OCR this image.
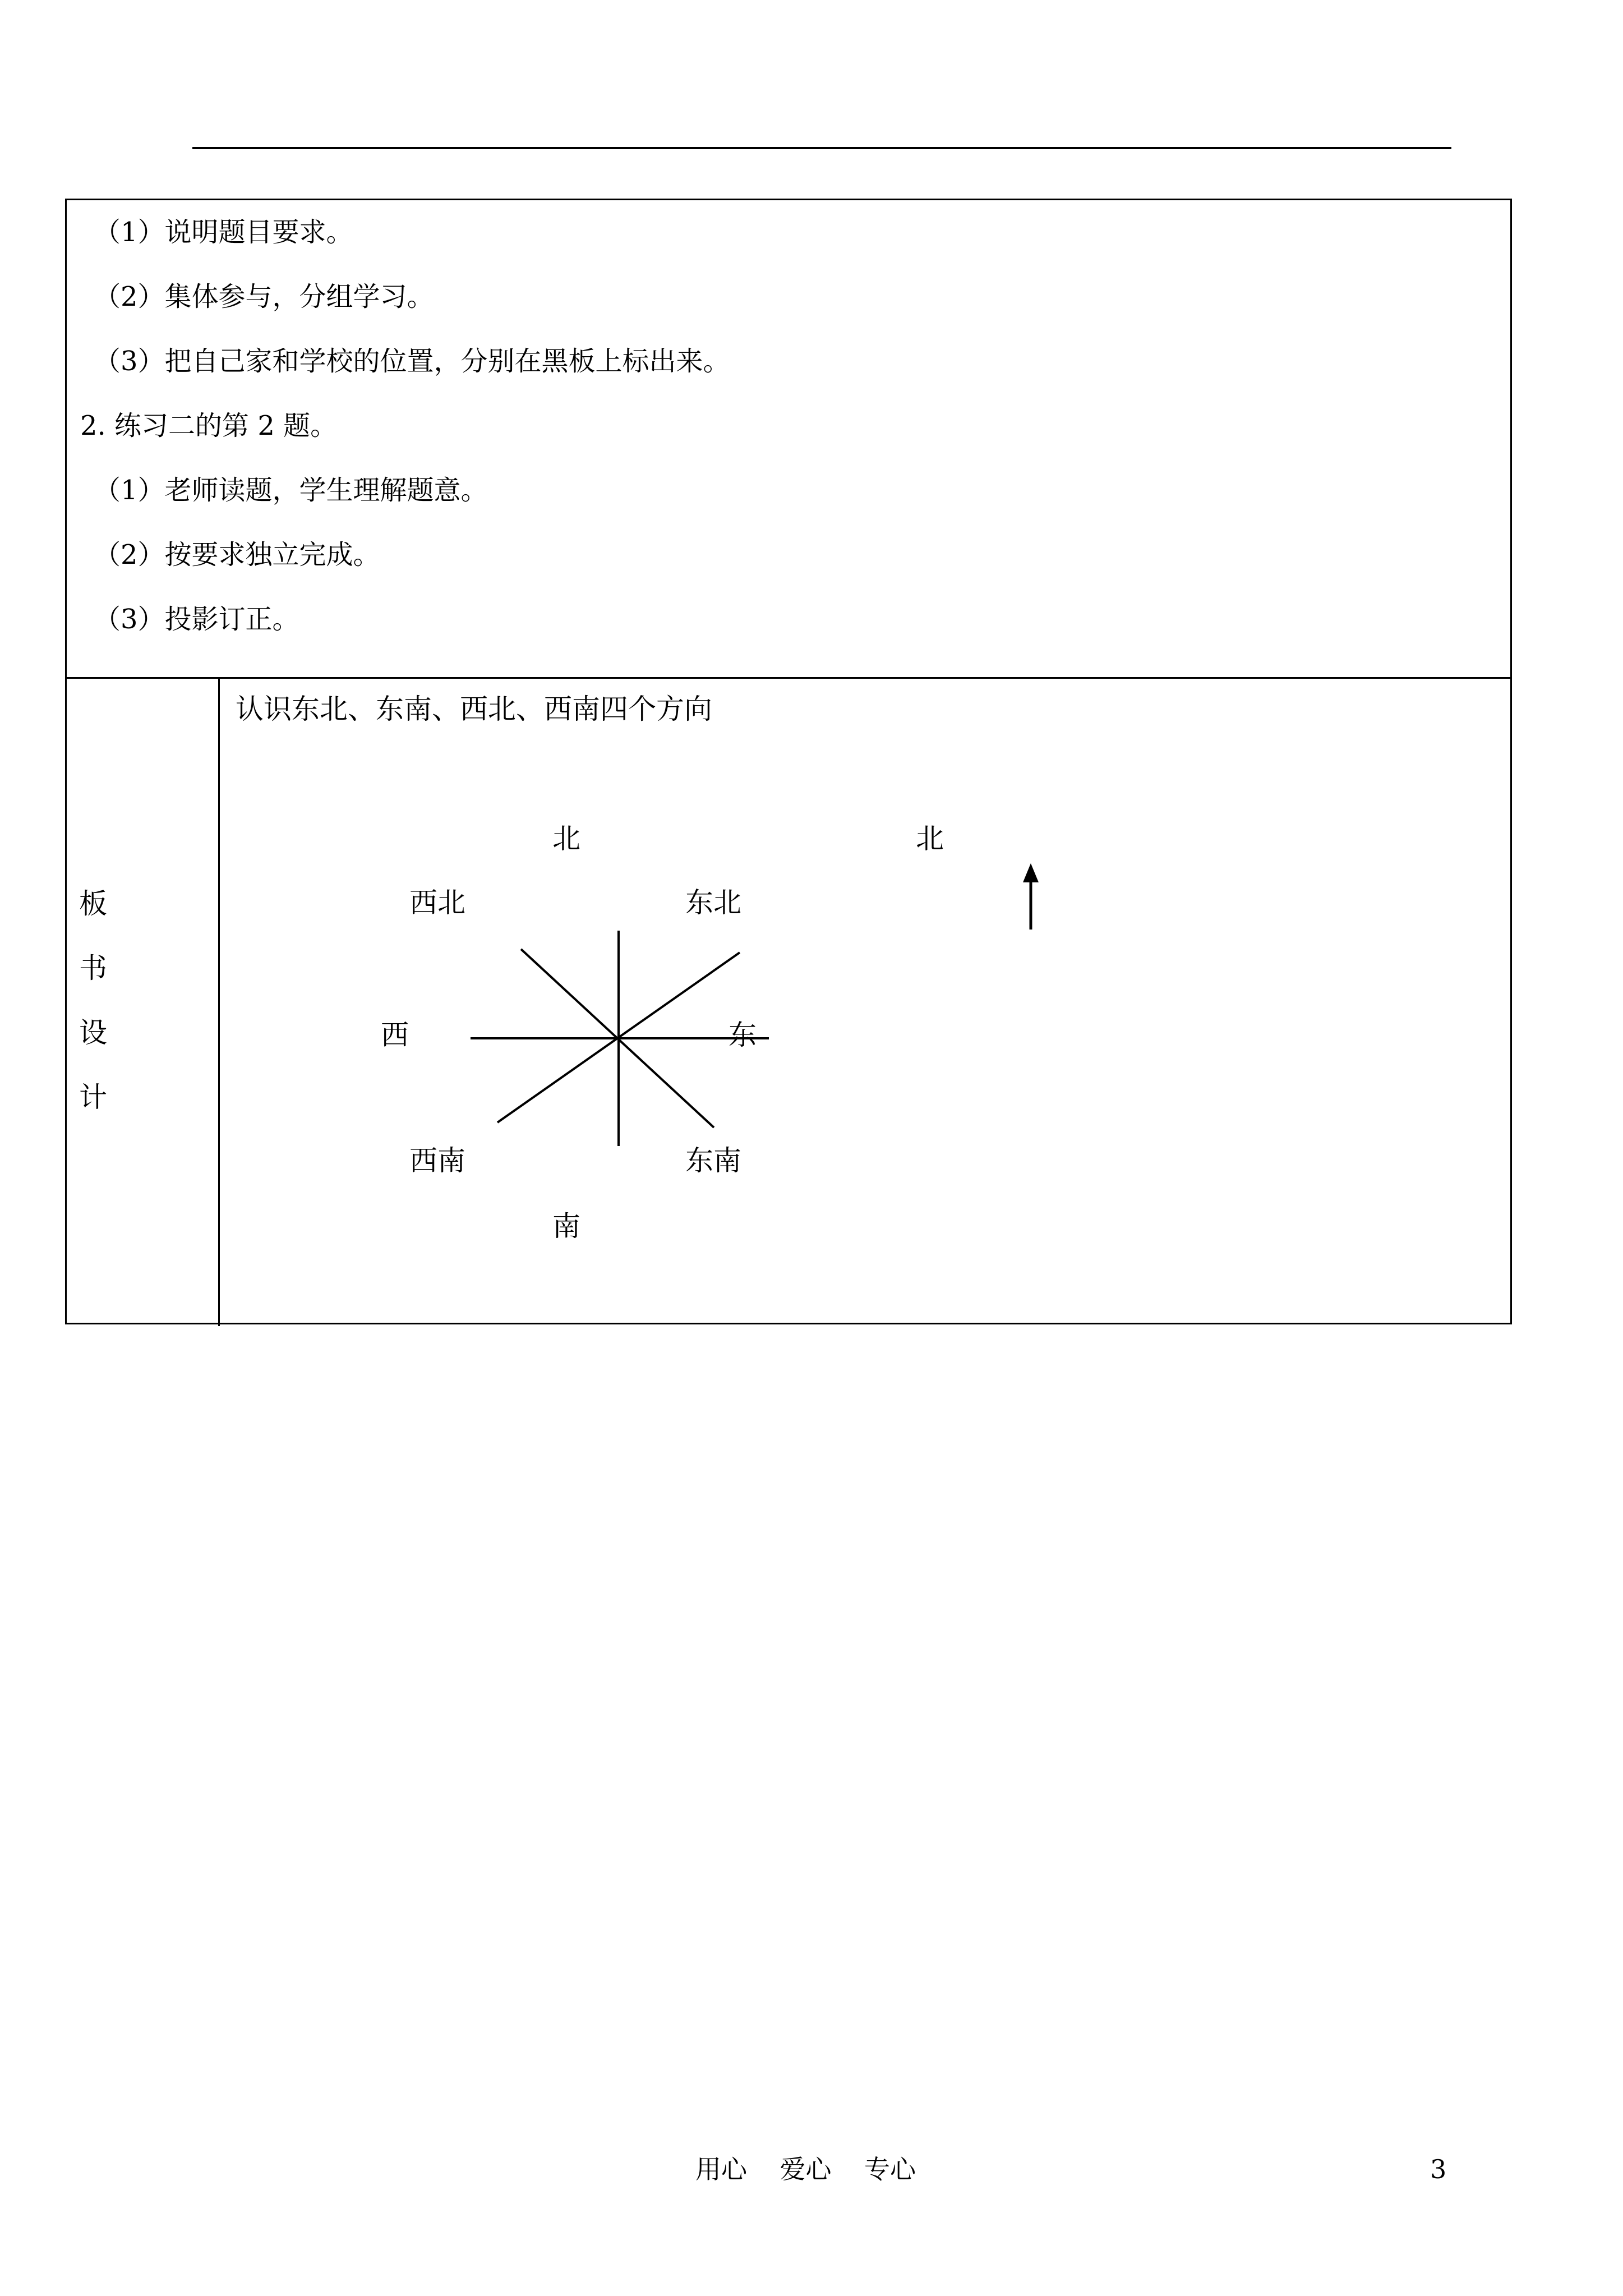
（1）说明题目要求。
（2）集体参与，分组学习。
（3）把自己家和学校的位置，分别在黑板上标出来。
2. 练习二的第 2 题。
（1）老师读题，学生理解题意。
（2）按要求独立完成。
（3）投影订正。
板
书
设
计
认识东北、东南、西北、西南四个方向
北
西北	东北
西	东
西南	东南
南
北
用心    爱心    专心	3
